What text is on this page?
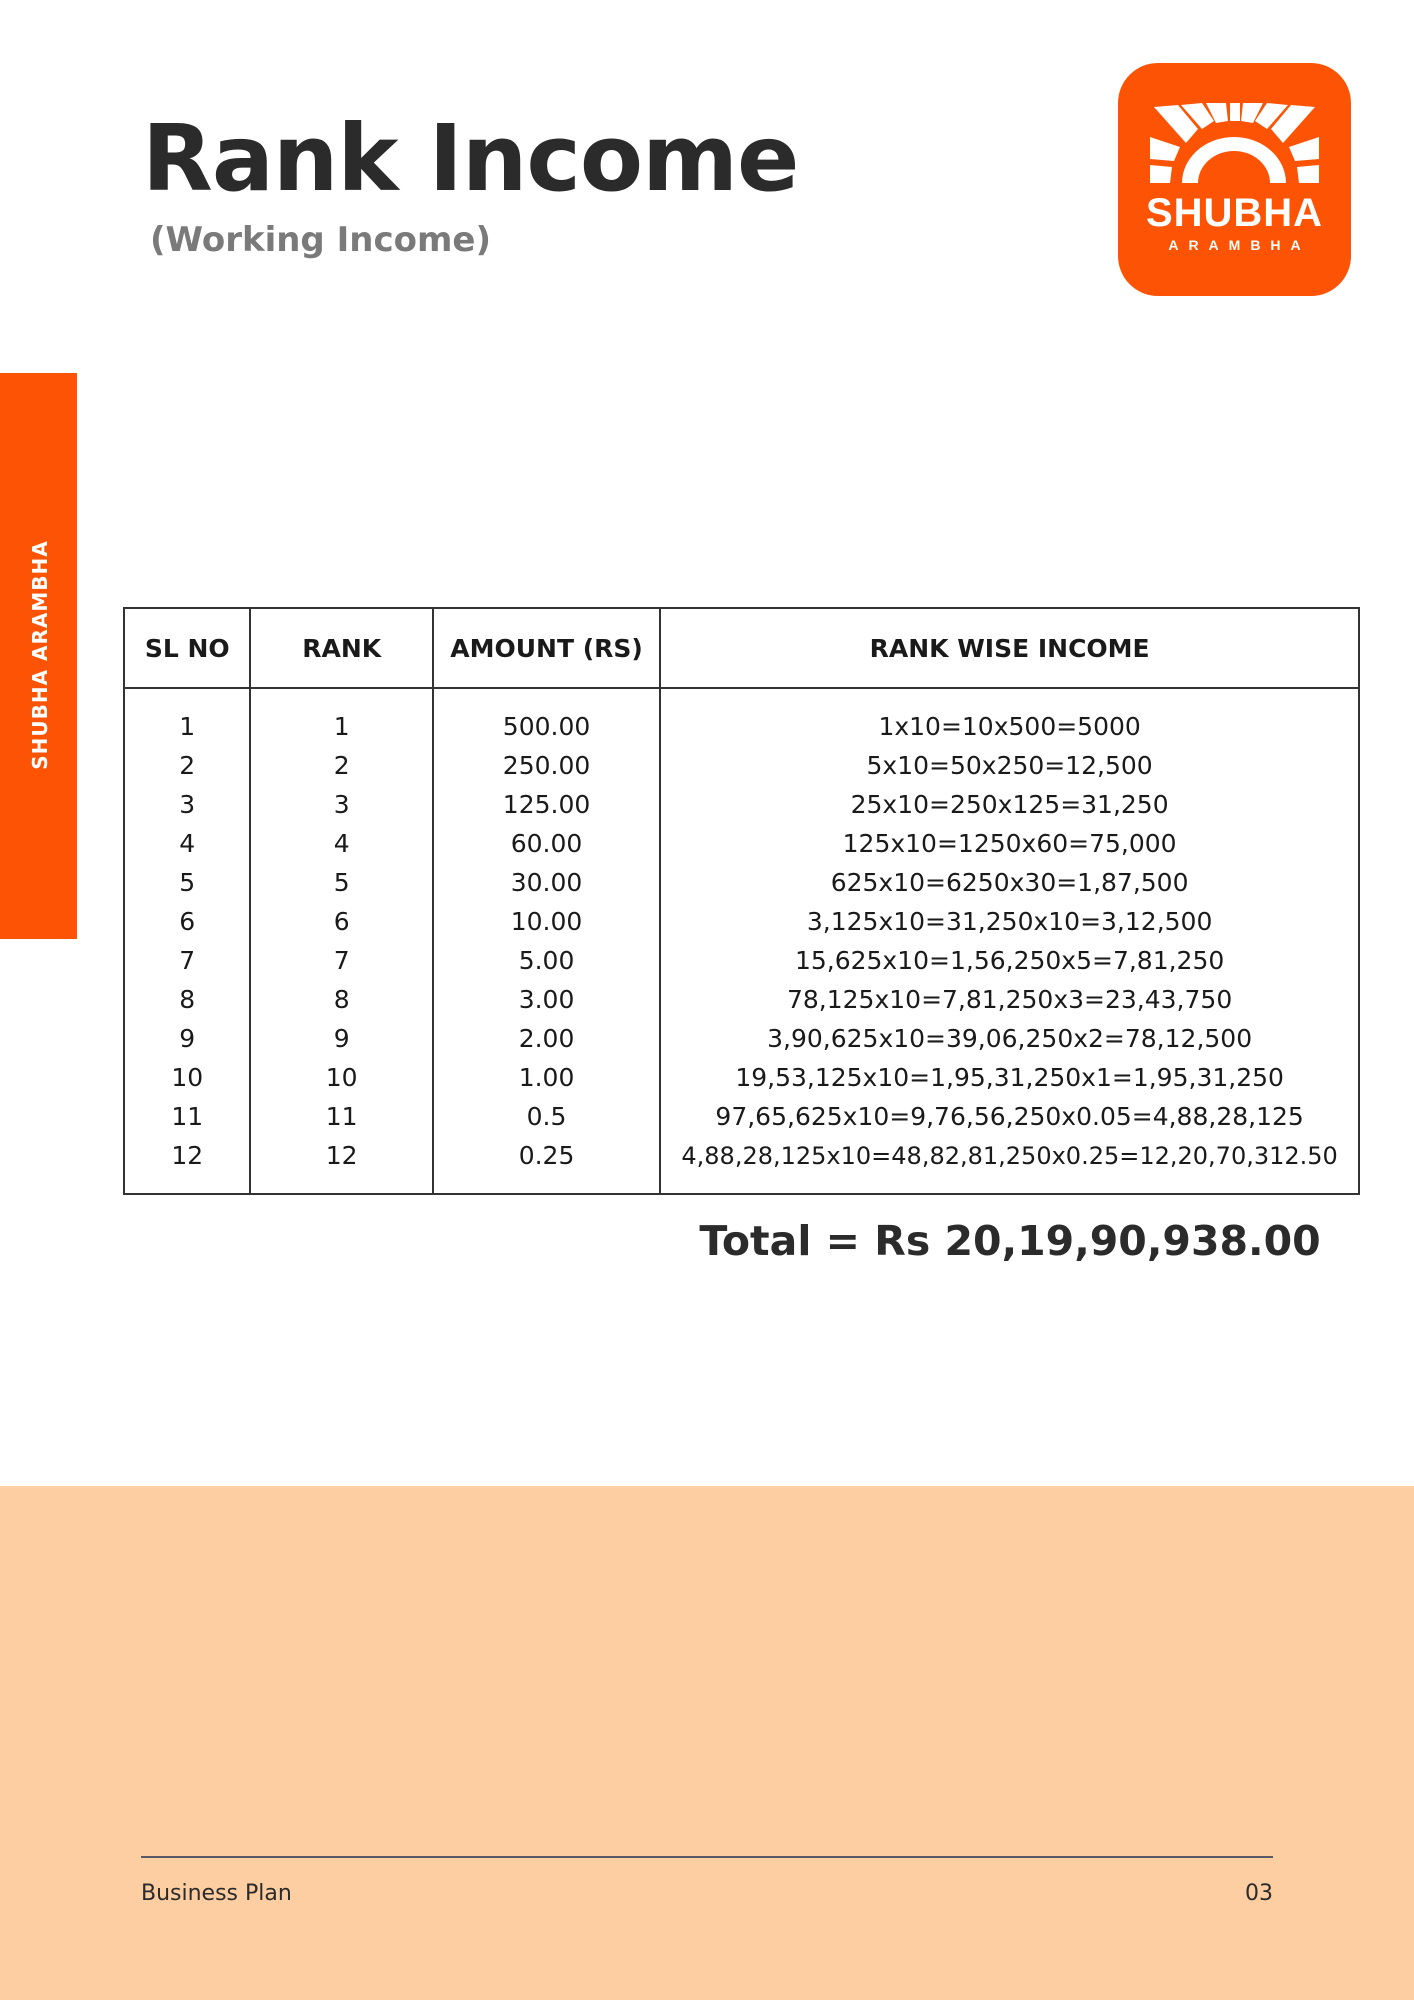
Rank Income
(Working Income)
SHUBHA
ARAMBHA
SHUBHA ARAMBHA	SL NO	RANK	AMOUNT (RS)	RANK WISE INCOME
1	1	500.00	1x10=10x500=5000
2	2	250.00	5x10=50x250=12,500
3	3	125.00	25x10=250x125=31,250
4	4	60.00	125x10=1250x60=75,000
5	5	30.00	625x10=6250x30=1,87,500
6	6	10.00	3,125x10=31,250x10=3,12,500
7	7	5.00	15,625x10=1,56,250x5=7,81,250
8	8	3.00	78,125x10=7,81,250x3=23,43,750
9	9	2.00	3,90,625x10=39,06,250x2=78,12,500
10	10	1.00	19,53,125x10=1,95,31,250x1=1,95,31,250
11	11	0.5	97,65,625x10=9,76,56,250x0.05=4,88,28,125
12	12	0.25	4,88,28,125x10=48,82,81,250x0.25=12,20,70,312.50
Total = Rs 20,19,90,938.00
Business Plan	03
